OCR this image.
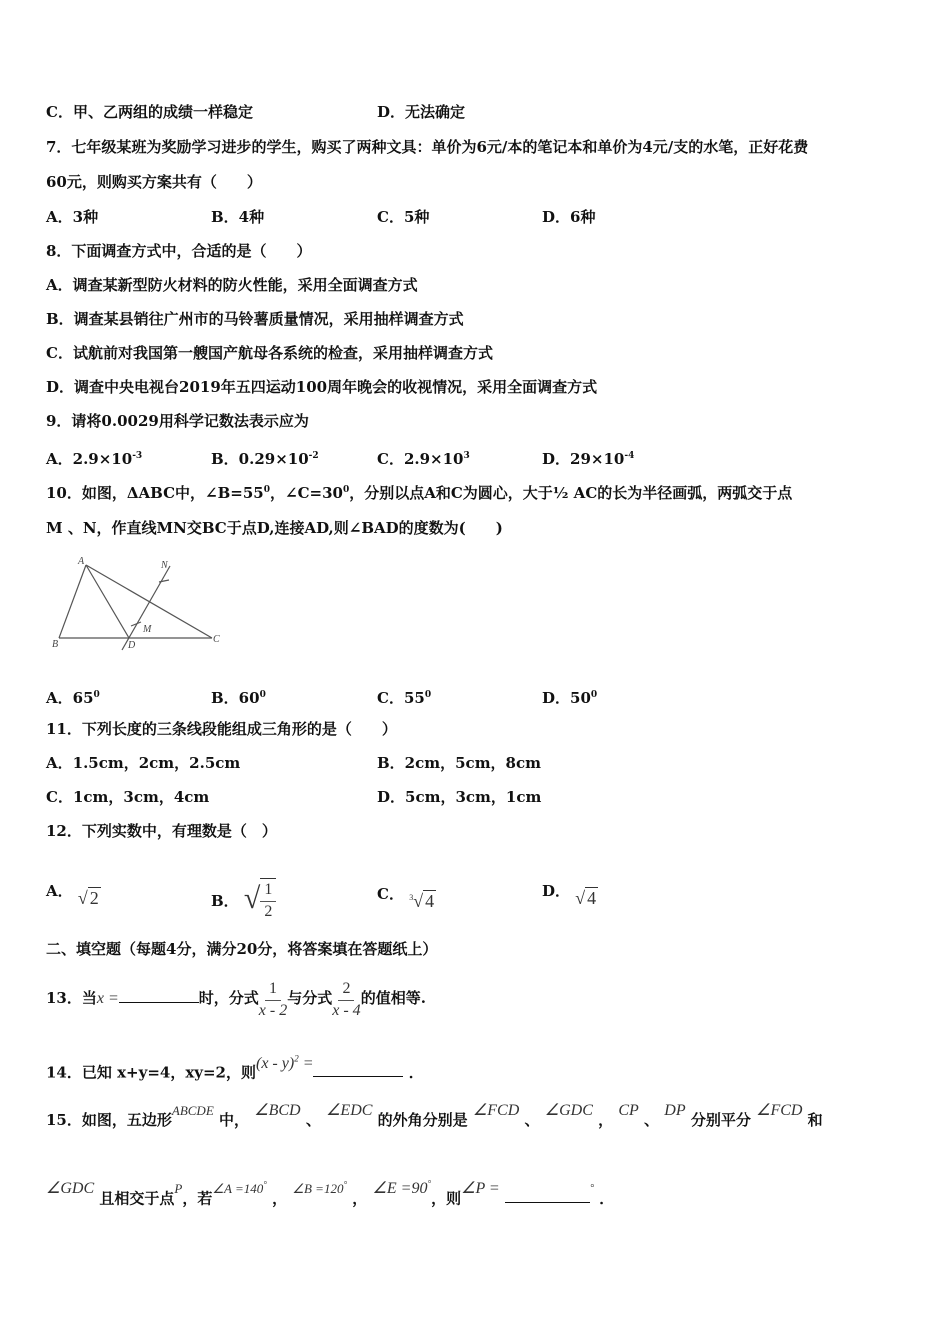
C．甲、乙两组的成绩一样稳定	D．无法确定
7．七年级某班为奖励学习进步的学生，购买了两种文具：单价为6元/本的笔记本和单价为4元/支的水笔，正好花费
60元，则购买方案共有（　　）
A．3种	B．4种	C．5种	D．6种
8．下面调查方式中，合适的是（　　）
A．调查某新型防火材料的防火性能，采用全面调查方式
B．调查某县销往广州市的马铃薯质量情况，采用抽样调查方式
C．试航前对我国第一艘国产航母各系统的检查，采用抽样调查方式
D．调查中央电视台2019年五四运动100周年晚会的收视情况，采用全面调查方式
9．请将0.0029用科学记数法表示应为
A．$2.9\times 10^{-3}$	B．$0.29\times 10^{-2}$	C．$2.9\times 10^3$	D．$29\times 10^{-4}$
10．如图，ΔABC中，$\angle B=55^0$，$\angle C=30^0$，分别以点A和C为圆心，大于½ AC的长为半径画弧，两弧交于点
M 、N，作直线MN交BC于点D,连接AD,则∠BAD的度数为(　　)
A
B	C
D
M
N
A．$65^0$	B．$60^0$	C．$55^0$	D．$50^0$
11．下列长度的三条线段能组成三角形的是（　　）
A．1.5cm，2cm，2.5cm	B．2cm，5cm，8cm
C．1cm，3cm，4cm	D．5cm，3cm，1cm
12．下列实数中，有理数是（　）
A． √ 2	B． √ $\frac{1}{2}$	C． $^3$√ 4	D． √ 4
二、填空题（每题4分，满分20分，将答案填在答题纸上）
13．当x =	时，分式 $\frac{1}{x - 2}$ 与分式 $\frac{2}{x - 4}$ 的值相等.
14．已知 x+y=4，xy=2，则(x - y)$^2$ =	．
15．如图，五边形ABCDE 中， ∠BCD 、 ∠EDC 的外角分别是 ∠FCD 、 ∠GDC ， CP 、 DP 分别平分 ∠FCD 和
∠GDC 且相交于点P，若∠A =140° ， ∠B =120° ， ∠E =90°，则∠P =	° ．
